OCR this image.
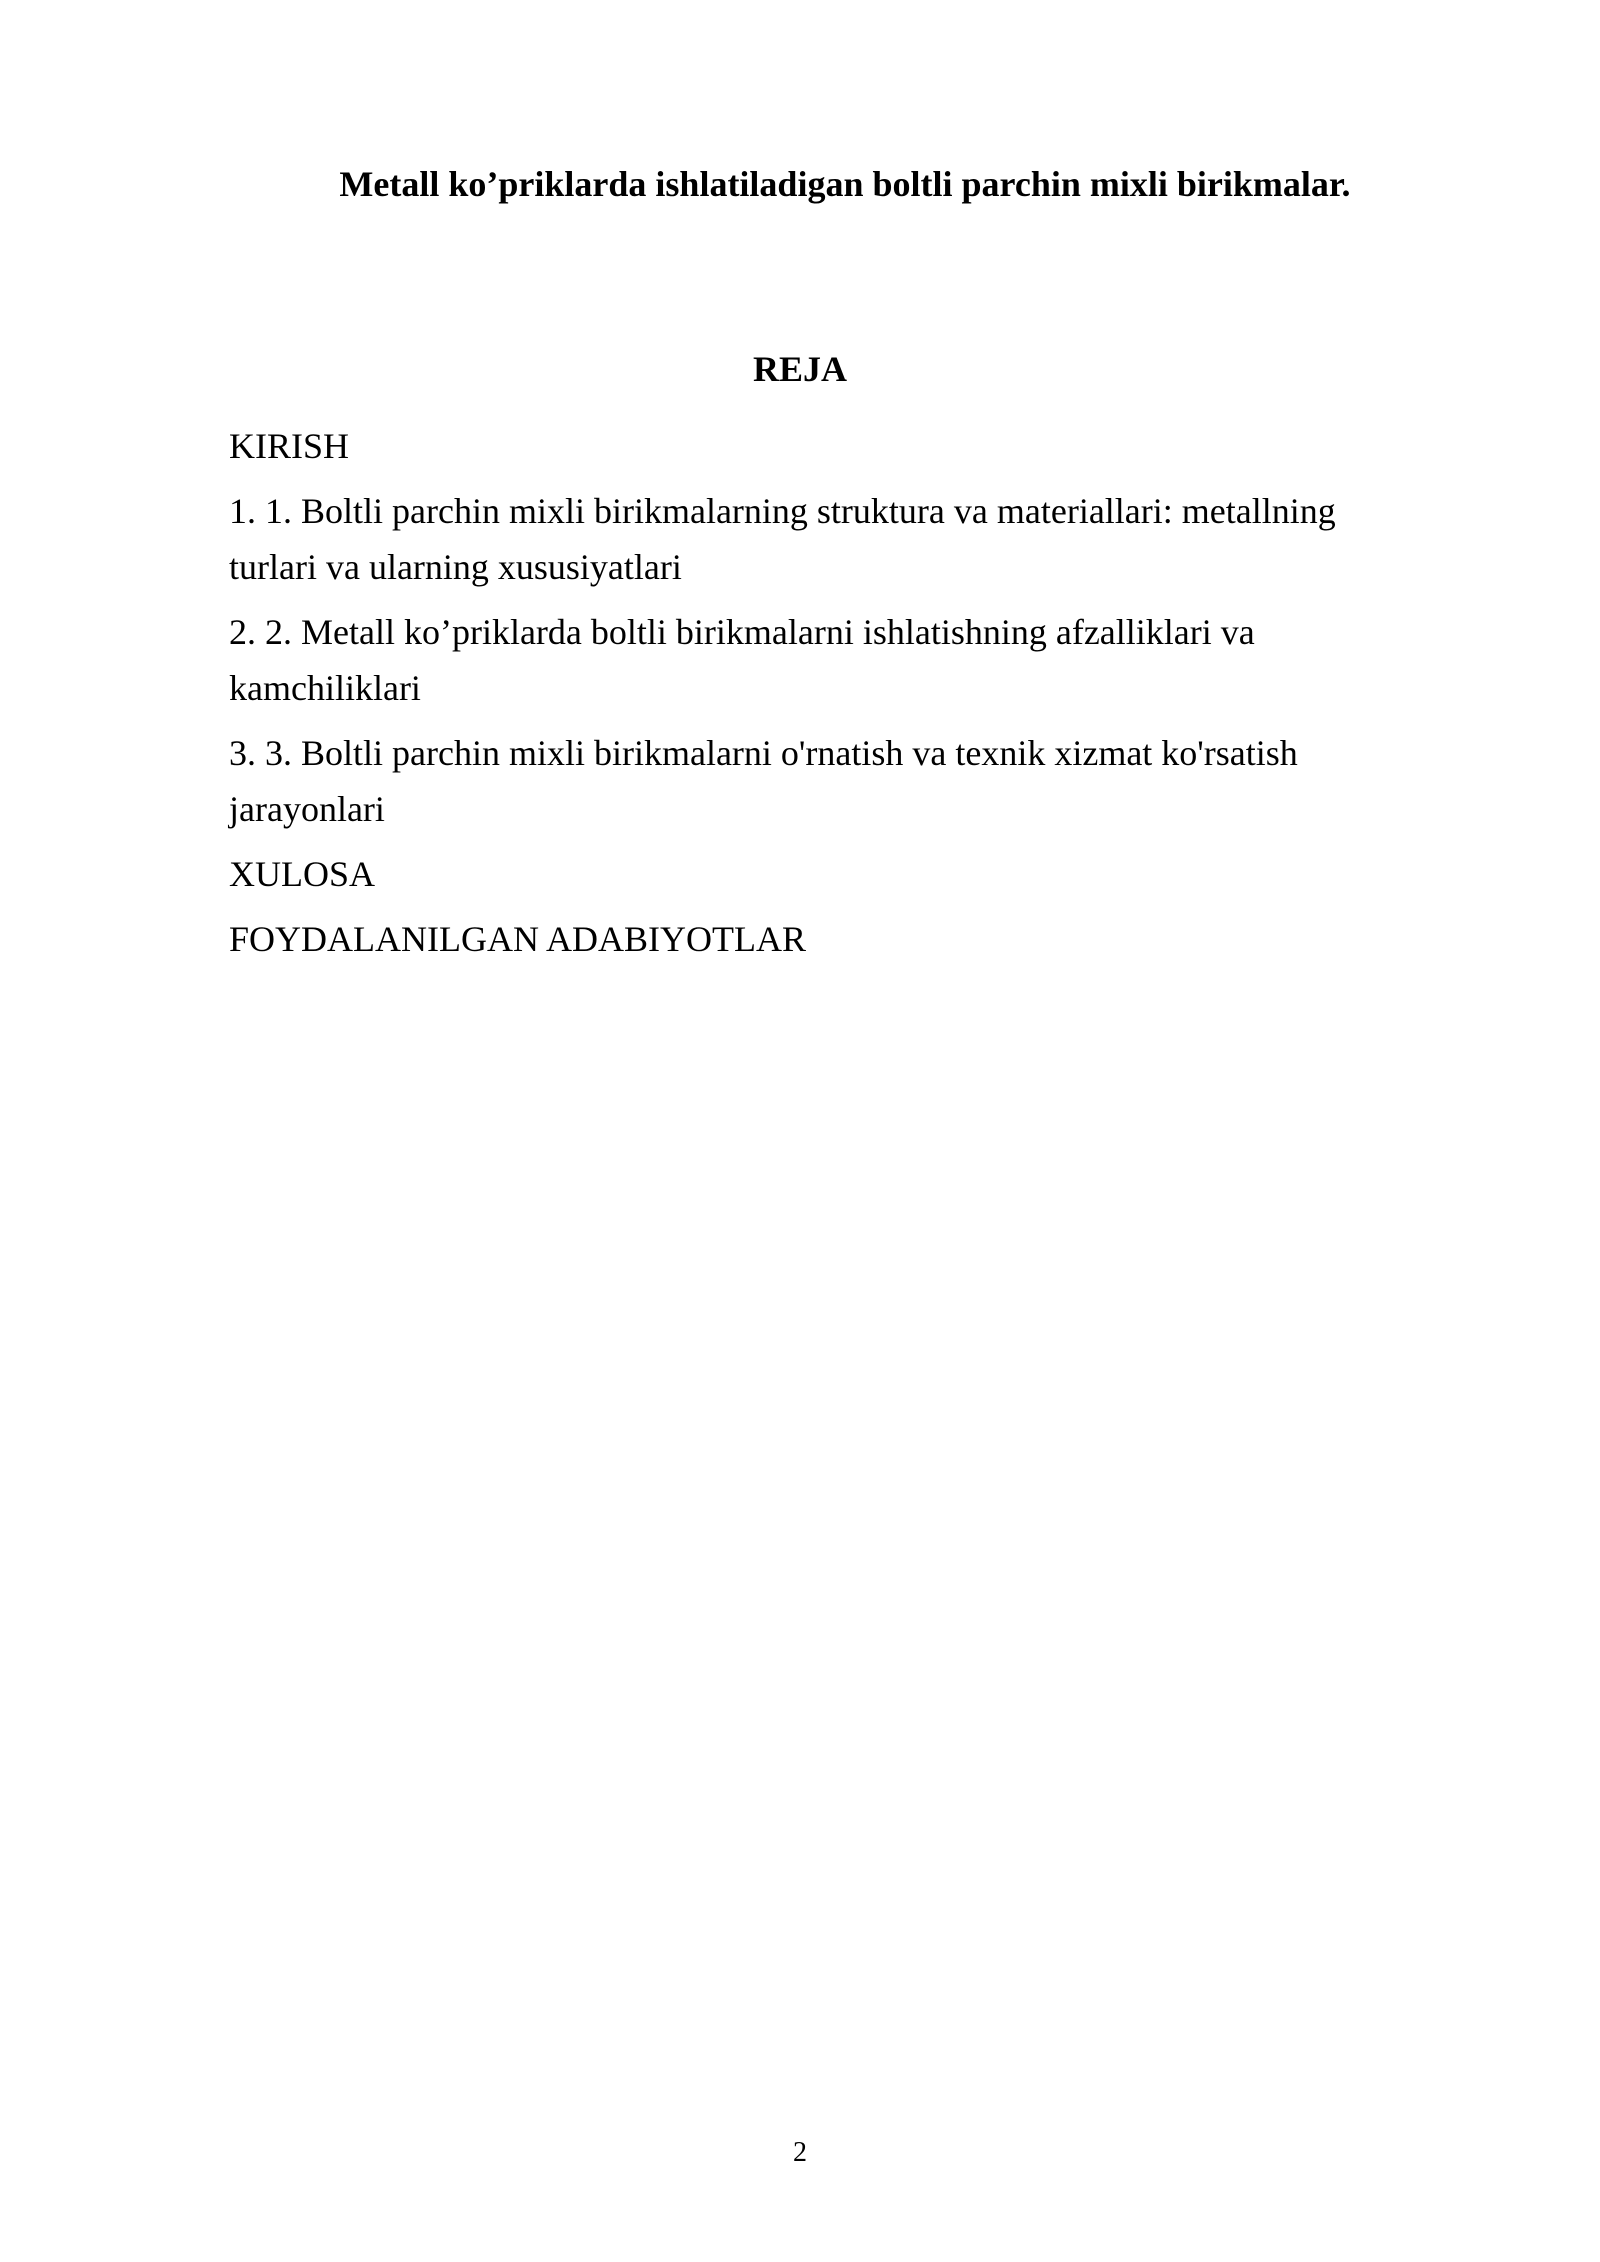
Metall ko’priklarda ishlatiladigan boltli parchin mixli birikmalar.
REJA
KIRISH
1. 1. Boltli parchin mixli birikmalarning struktura va materiallari: metallning turlari va ularning xususiyatlari
2. 2. Metall ko’priklarda boltli birikmalarni ishlatishning afzalliklari va kamchiliklari
3. 3. Boltli parchin mixli birikmalarni o'rnatish va texnik xizmat ko'rsatish jarayonlari
XULOSA
FOYDALANILGAN ADABIYOTLAR
2
